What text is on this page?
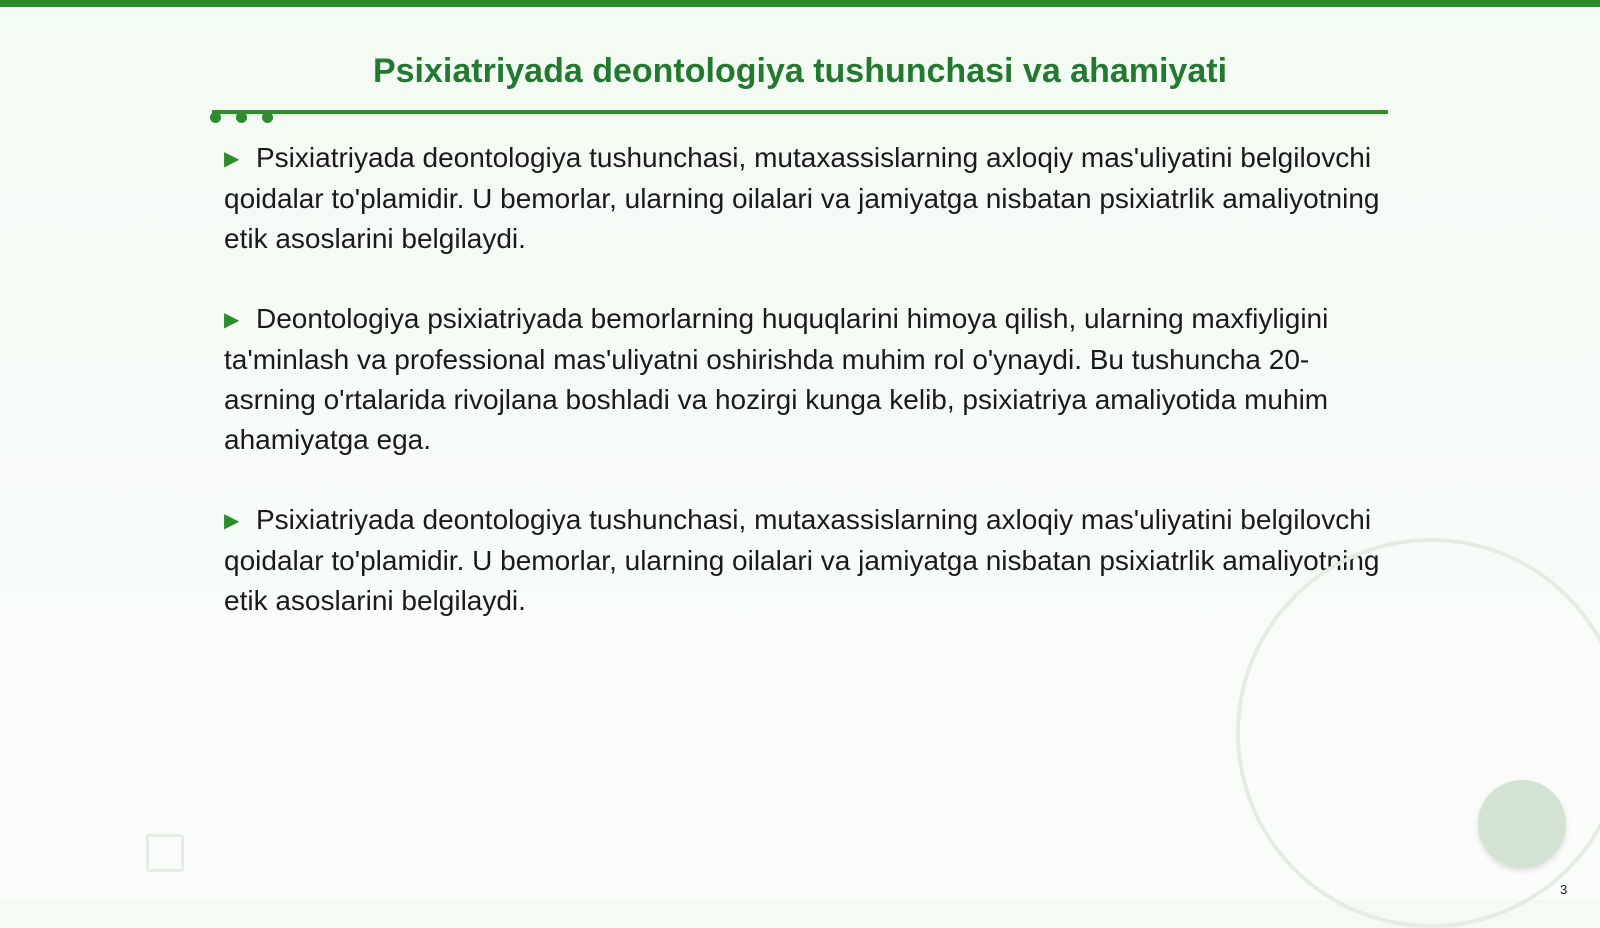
Psixiatriyada deontologiya tushunchasi va ahamiyati

▶ Psixiatriyada deontologiya tushunchasi, mutaxassislarning axloqiy mas'uliyatini belgilovchi qoidalar to'plamidir. U bemorlar, ularning oilalari va jamiyatga nisbatan psixiatrlik amaliyotning etik asoslarini belgilaydi.

▶ Deontologiya psixiatriyada bemorlarning huquqlarini himoya qilish, ularning maxfiyligini ta'minlash va professional mas'uliyatni oshirishda muhim rol o'ynaydi. Bu tushuncha 20-asrning o'rtalarida rivojlana boshladi va hozirgi kunga kelib, psixiatriya amaliyotida muhim ahamiyatga ega.

▶ Psixiatriyada deontologiya tushunchasi, mutaxassislarning axloqiy mas'uliyatini belgilovchi qoidalar to'plamidir. U bemorlar, ularning oilalari va jamiyatga nisbatan psixiatrlik amaliyotning etik asoslarini belgilaydi.

3
